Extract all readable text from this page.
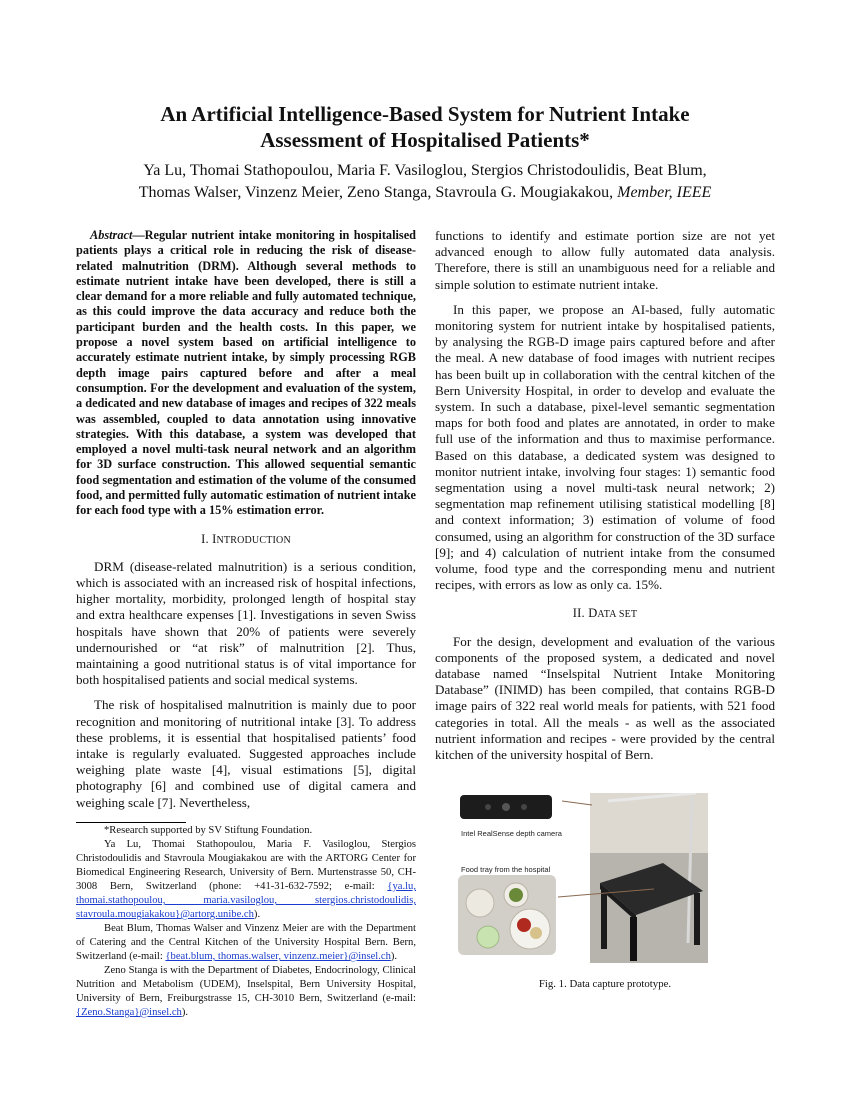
An Artificial Intelligence-Based System for Nutrient Intake
Assessment of Hospitalised Patients*
Ya Lu, Thomai Stathopoulou, Maria F. Vasiloglou, Stergios Christodoulidis, Beat Blum,
Thomas Walser, Vinzenz Meier, Zeno Stanga, Stavroula G. Mougiakakou, Member, IEEE

Abstract—Regular nutrient intake monitoring in hospitalised patients plays a critical role in reducing the risk of disease-related malnutrition (DRM). Although several methods to estimate nutrient intake have been developed, there is still a clear demand for a more reliable and fully automated technique, as this could improve the data accuracy and reduce both the participant burden and the health costs. In this paper, we propose a novel system based on artificial intelligence to accurately estimate nutrient intake, by simply processing RGB depth image pairs captured before and after a meal consumption. For the development and evaluation of the system, a dedicated and new database of images and recipes of 322 meals was assembled, coupled to data annotation using innovative strategies. With this database, a system was developed that employed a novel multi-task neural network and an algorithm for 3D surface construction. This allowed sequential semantic food segmentation and estimation of the volume of the consumed food, and permitted fully automatic estimation of nutrient intake for each food type with a 15% estimation error.

I. INTRODUCTION

DRM (disease-related malnutrition) is a serious condition, which is associated with an increased risk of hospital infections, higher mortality, morbidity, prolonged length of hospital stay and extra healthcare expenses [1]. Investigations in seven Swiss hospitals have shown that 20% of patients were severely undernourished or “at risk” of malnutrition [2]. Thus, maintaining a good nutritional status is of vital importance for both hospitalised patients and social medical systems.

The risk of hospitalised malnutrition is mainly due to poor recognition and monitoring of nutritional intake [3]. To address these problems, it is essential that hospitalised patients’ food intake is regularly evaluated. Suggested approaches include weighing plate waste [4], visual estimations [5], digital photography [6] and combined use of digital camera and weighing scale [7]. Nevertheless,

*Research supported by SV Stiftung Foundation.

Ya Lu, Thomai Stathopoulou, Maria F. Vasiloglou, Stergios Christodoulidis and Stavroula Mougiakakou are with the ARTORG Center for Biomedical Engineering Research, University of Bern. Murtenstrasse 50, CH-3008 Bern, Switzerland (phone: +41-31-632-7592; e-mail: {ya.lu, thomai.stathopoulou, maria.vasiloglou, stergios.christodoulidis, stavroula.mougiakakou}@artorg.unibe.ch).

Beat Blum, Thomas Walser and Vinzenz Meier are with the Department of Catering and the Central Kitchen of the University Hospital Bern. Bern, Switzerland (e-mail: {beat.blum, thomas.walser, vinzenz.meier}@insel.ch).

Zeno Stanga is with the Department of Diabetes, Endocrinology, Clinical Nutrition and Metabolism (UDEM), Inselspital, Bern University Hospital, University of Bern, Freiburgstrasse 15, CH-3010 Bern, Switzerland (e-mail: {Zeno.Stanga}@insel.ch).

functions to identify and estimate portion size are not yet advanced enough to allow fully automated data analysis. Therefore, there is still an unambiguous need for a reliable and simple solution to estimate nutrient intake.

In this paper, we propose an AI-based, fully automatic monitoring system for nutrient intake by hospitalised patients, by analysing the RGB-D image pairs captured before and after the meal. A new database of food images with nutrient recipes has been built up in collaboration with the central kitchen of the Bern University Hospital, in order to develop and evaluate the system. In such a database, pixel-level semantic segmentation maps for both food and plates are annotated, in order to make full use of the information and thus to maximise performance. Based on this database, a dedicated system was designed to monitor nutrient intake, involving four stages: 1) semantic food segmentation using a novel multi-task neural network; 2) segmentation map refinement utilising statistical modelling [8] and context information; 3) estimation of volume of food consumed, using an algorithm for construction of the 3D surface [9]; and 4) calculation of nutrient intake from the consumed volume, food type and the corresponding menu and nutrient recipes, with errors as low as only ca. 15%.

II. DATA SET

For the design, development and evaluation of the various components of the proposed system, a dedicated and novel database named “Inselspital Nutrient Intake Monitoring Database” (INIMD) has been compiled, that contains RGB-D image pairs of 322 real world meals for patients, with 521 food categories in total. All the meals - as well as the associated nutrient information and recipes - were provided by the central kitchen of the university hospital of Bern.

Intel RealSense depth camera
Food tray from the hospital
Fig. 1. Data capture prototype.
